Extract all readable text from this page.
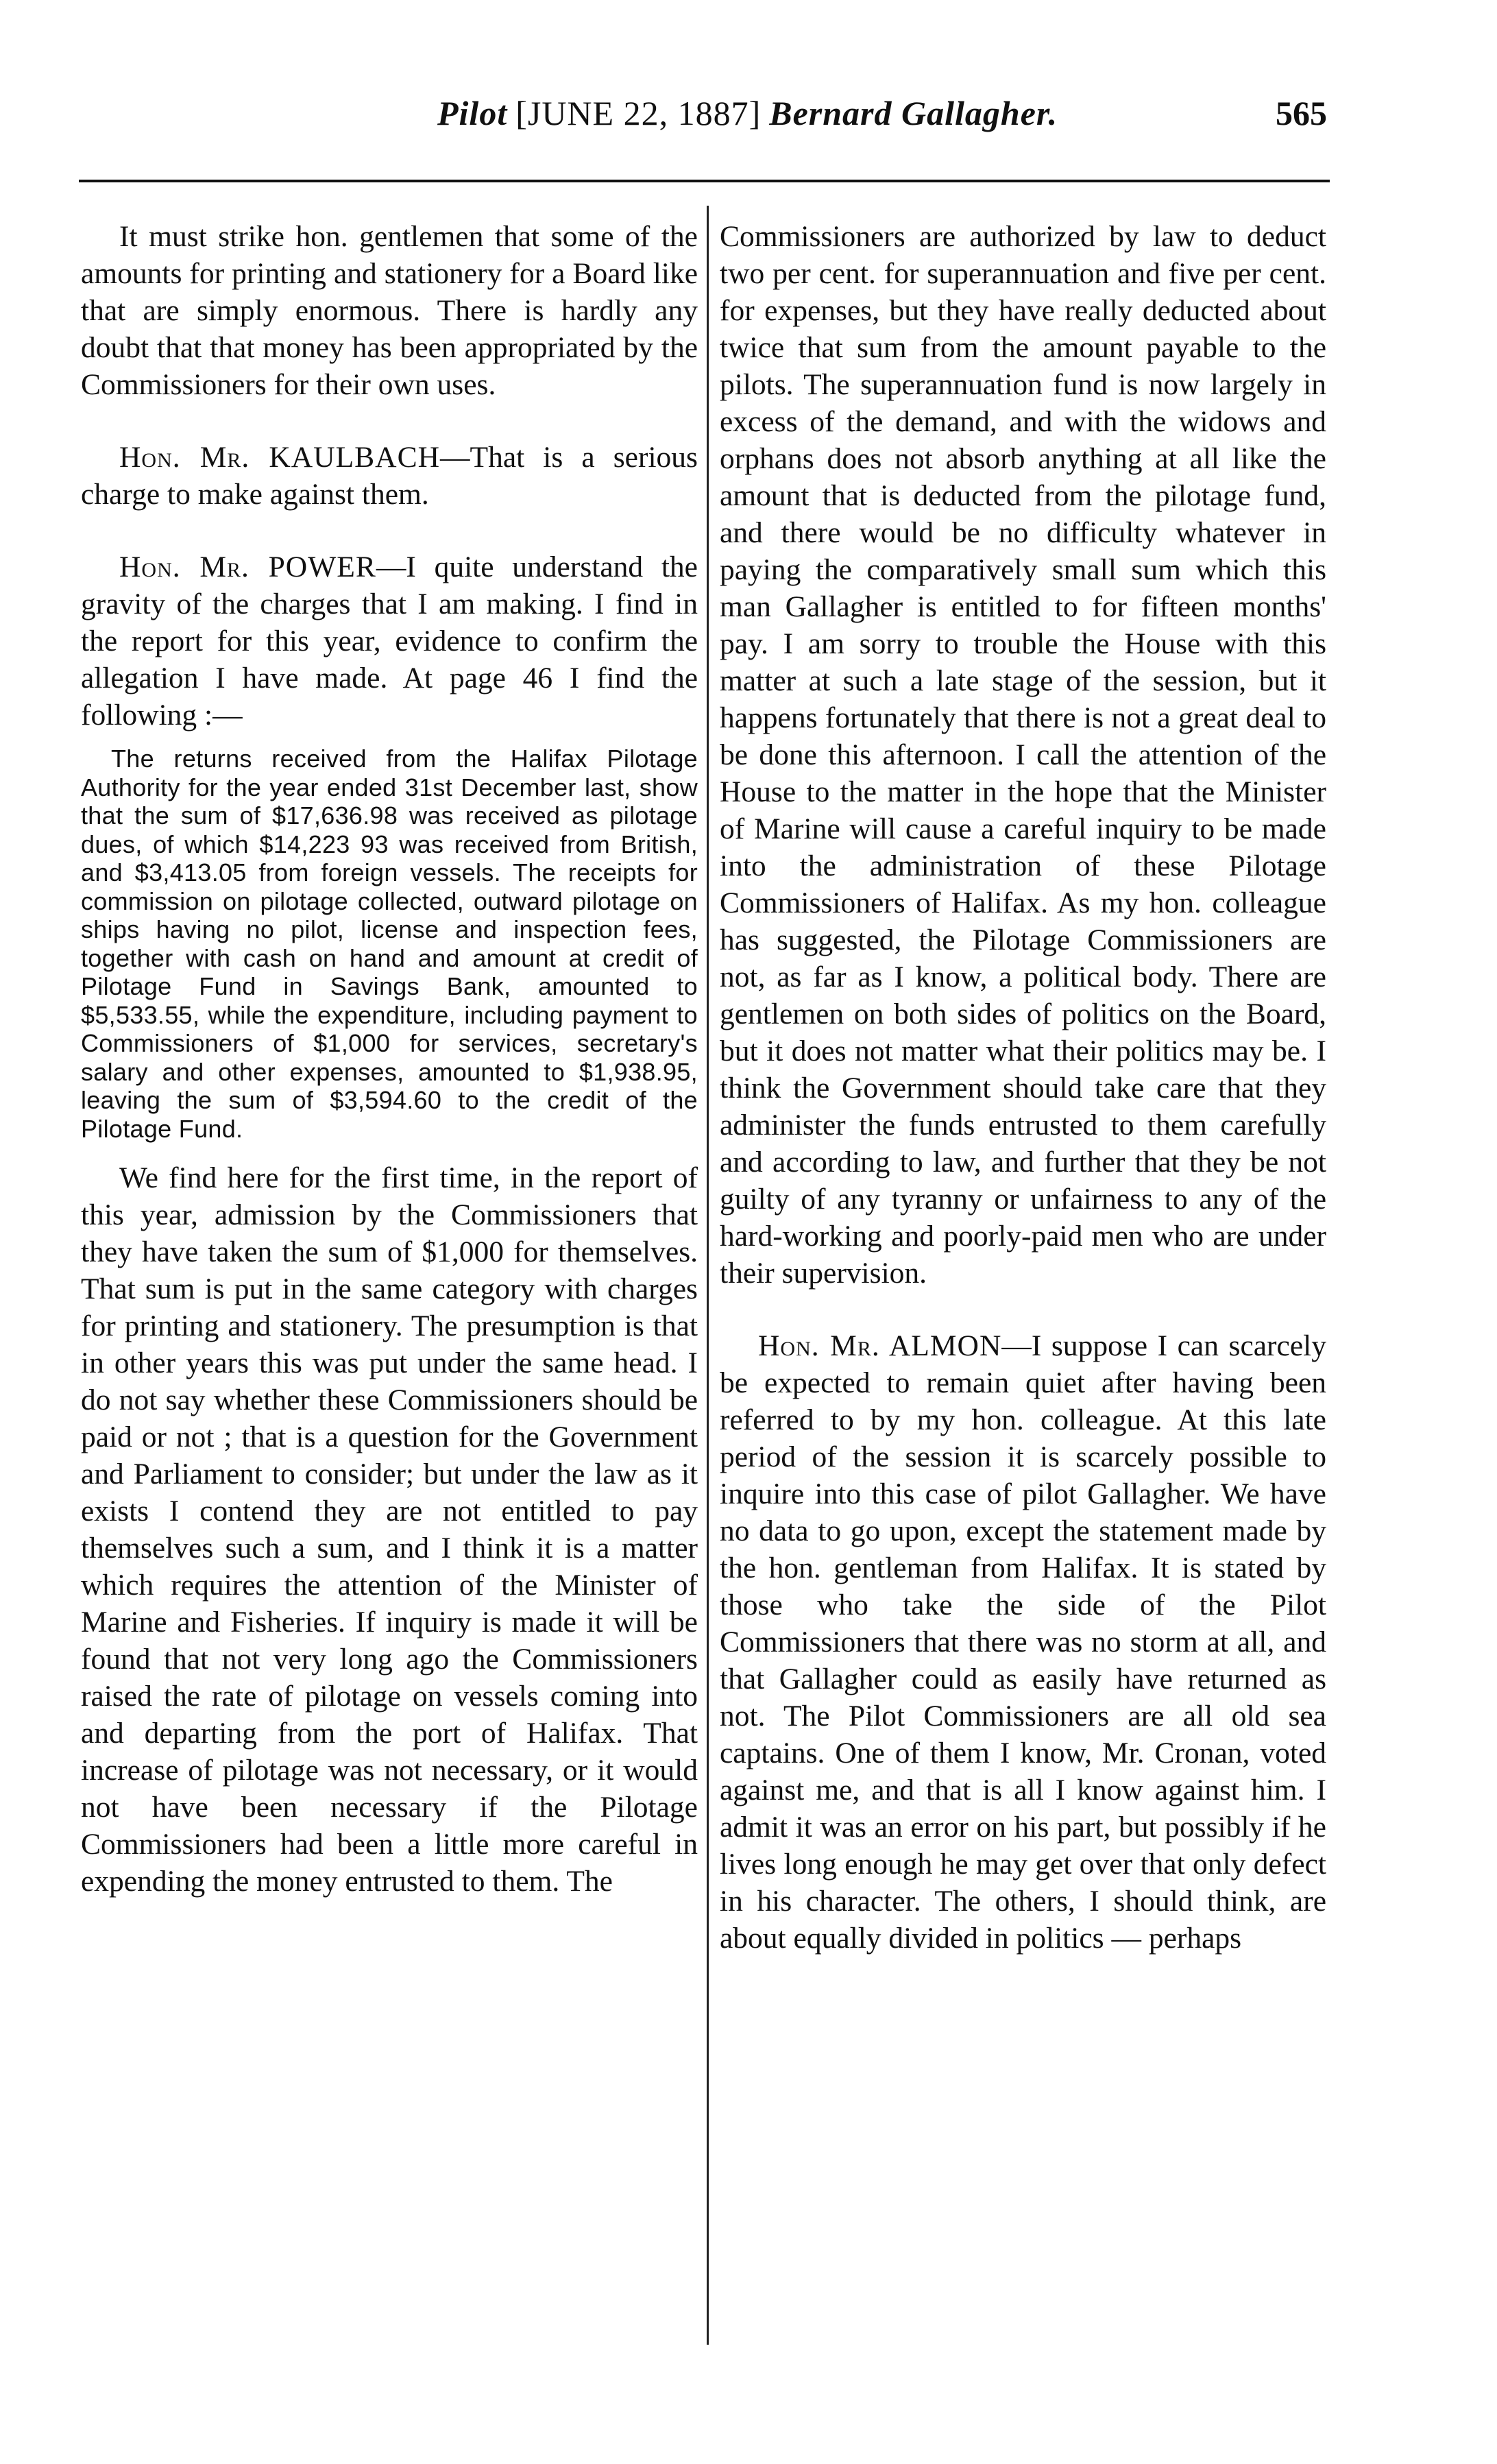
Pilot [JUNE 22, 1887] Bernard Gallagher.	565

It must strike hon. gentlemen that some of the amounts for printing and stationery for a Board like that are simply enormous. There is hardly any doubt that that money has been appropriated by the Commissioners for their own uses.

Hon. Mr. KAULBACH—That is a serious charge to make against them.

Hon. Mr. POWER—I quite understand the gravity of the charges that I am making. I find in the report for this year, evidence to confirm the allegation I have made. At page 46 I find the following :—

The returns received from the Halifax Pilotage Authority for the year ended 31st December last, show that the sum of $17,636.98 was received as pilotage dues, of which $14,223 93 was received from British, and $3,413.05 from foreign vessels. The receipts for commission on pilotage collected, outward pilotage on ships having no pilot, license and inspection fees, together with cash on hand and amount at credit of Pilotage Fund in Savings Bank, amounted to $5,533.55, while the expenditure, including payment to Commissioners of $1,000 for services, secretary's salary and other expenses, amounted to $1,938.95, leaving the sum of $3,594.60 to the credit of the Pilotage Fund.

We find here for the first time, in the report of this year, admission by the Commissioners that they have taken the sum of $1,000 for themselves. That sum is put in the same category with charges for printing and stationery. The presumption is that in other years this was put under the same head. I do not say whether these Commissioners should be paid or not ; that is a question for the Government and Parliament to consider; but under the law as it exists I contend they are not entitled to pay themselves such a sum, and I think it is a matter which requires the attention of the Minister of Marine and Fisheries. If inquiry is made it will be found that not very long ago the Commissioners raised the rate of pilotage on vessels coming into and departing from the port of Halifax. That increase of pilotage was not necessary, or it would not have been necessary if the Pilotage Commissioners had been a little more careful in expending the money entrusted to them. The

Commissioners are authorized by law to deduct two per cent. for superannuation and five per cent. for expenses, but they have really deducted about twice that sum from the amount payable to the pilots. The superannuation fund is now largely in excess of the demand, and with the widows and orphans does not absorb anything at all like the amount that is deducted from the pilotage fund, and there would be no difficulty whatever in paying the comparatively small sum which this man Gallagher is entitled to for fifteen months' pay. I am sorry to trouble the House with this matter at such a late stage of the session, but it happens fortunately that there is not a great deal to be done this afternoon. I call the attention of the House to the matter in the hope that the Minister of Marine will cause a careful inquiry to be made into the administration of these Pilotage Commissioners of Halifax. As my hon. colleague has suggested, the Pilotage Commissioners are not, as far as I know, a political body. There are gentlemen on both sides of politics on the Board, but it does not matter what their politics may be. I think the Government should take care that they administer the funds entrusted to them carefully and according to law, and further that they be not guilty of any tyranny or unfairness to any of the hard-working and poorly-paid men who are under their supervision.

Hon. Mr. ALMON—I suppose I can scarcely be expected to remain quiet after having been referred to by my hon. colleague. At this late period of the session it is scarcely possible to inquire into this case of pilot Gallagher. We have no data to go upon, except the statement made by the hon. gentleman from Halifax. It is stated by those who take the side of the Pilot Commissioners that there was no storm at all, and that Gallagher could as easily have returned as not. The Pilot Commissioners are all old sea captains. One of them I know, Mr. Cronan, voted against me, and that is all I know against him. I admit it was an error on his part, but possibly if he lives long enough he may get over that only defect in his character. The others, I should think, are about equally divided in politics — perhaps
